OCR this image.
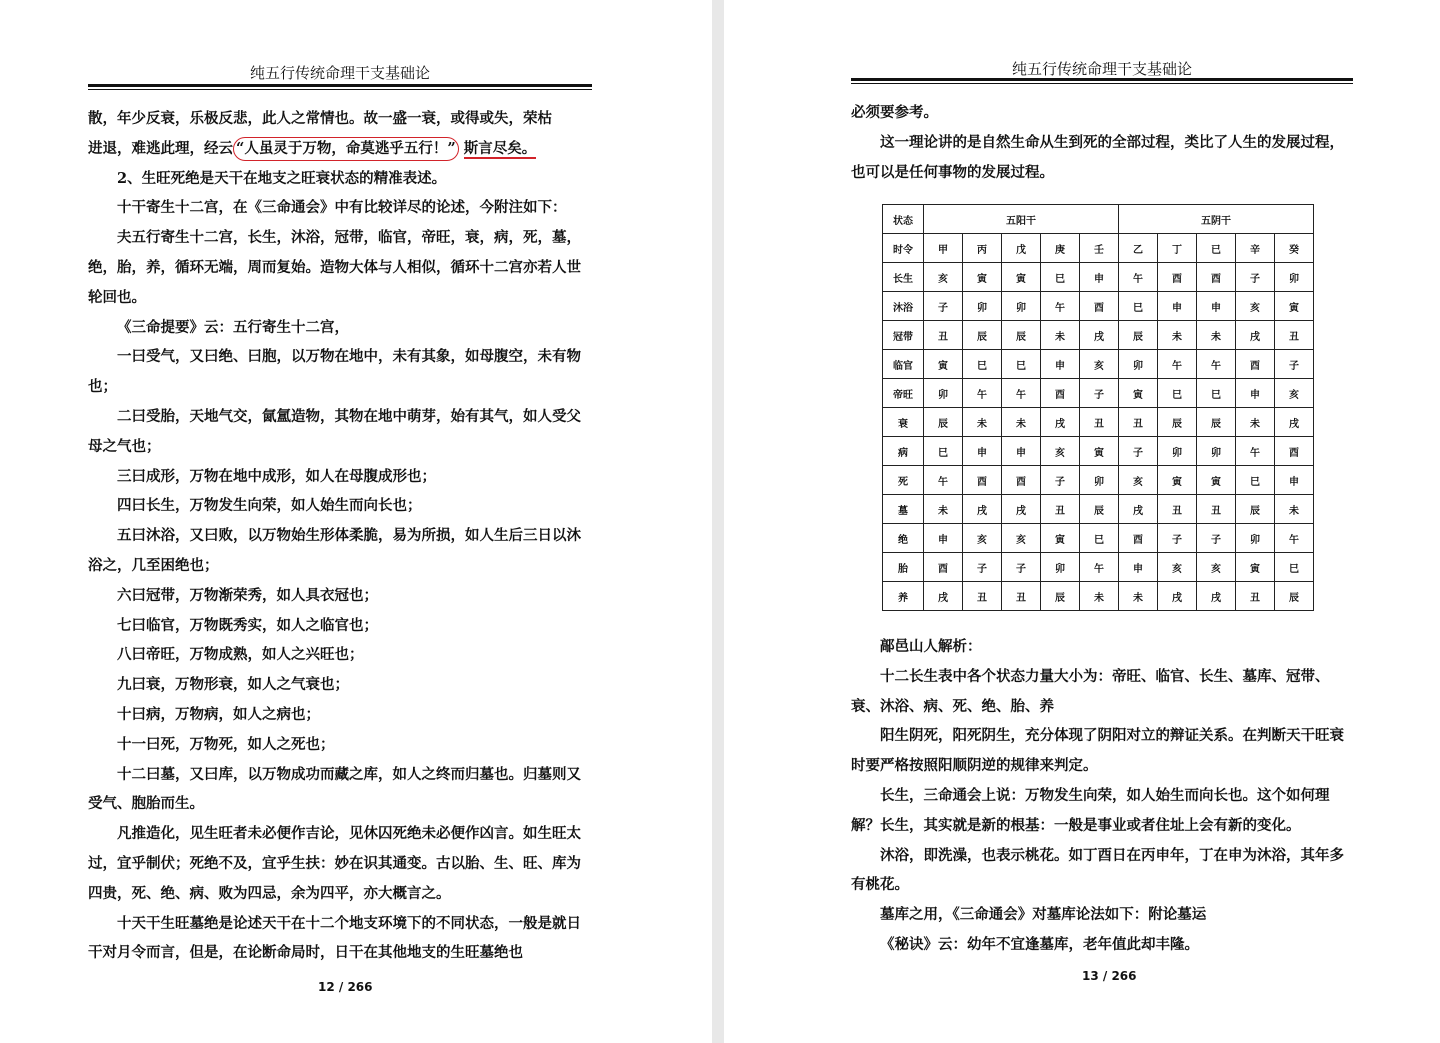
纯五行传统命理干支基础论

散，年少反衰，乐极反悲，此人之常情也。故一盛一衰，或得或失，荣枯

进退，难逃此理，经云 “人虽灵于万物，命莫逃乎五行！” 斯言尽矣。

2、生旺死绝是天干在地支之旺衰状态的精准表述。

十干寄生十二宫，在《三命通会》中有比较详尽的论述，今附注如下：

夫五行寄生十二宫，长生，沐浴，冠带，临官，帝旺，衰，病，死，墓，绝，胎，养，循环无端，周而复始。造物大体与人相似，循环十二宫亦若人世轮回也。

《三命提要》云：五行寄生十二宫，

一曰受气，又曰绝、曰胞，以万物在地中，未有其象，如母腹空，未有物也；

二曰受胎，天地气交，氤氲造物，其物在地中萌芽，始有其气，如人受父母之气也；

三曰成形，万物在地中成形，如人在母腹成形也；

四曰长生，万物发生向荣，如人始生而向长也；

五曰沐浴，又曰败，以万物始生形体柔脆，易为所损，如人生后三日以沐浴之，几至困绝也；

六曰冠带，万物渐荣秀，如人具衣冠也；

七曰临官，万物既秀实，如人之临官也；

八曰帝旺，万物成熟，如人之兴旺也；

九曰衰，万物形衰，如人之气衰也；

十曰病，万物病，如人之病也；

十一曰死，万物死，如人之死也；

十二曰墓，又曰库，以万物成功而藏之库，如人之终而归墓也。归墓则又受气、胞胎而生。

凡推造化，见生旺者未必便作吉论，见休囚死绝未必便作凶言。如生旺太过，宜乎制伏；死绝不及，宜乎生扶：妙在识其通变。古以胎、生、旺、库为四贵，死、绝、病、败为四忌，余为四平，亦大概言之。

十天干生旺墓绝是论述天干在十二个地支环境下的不同状态，一般是就日干对月令而言，但是，在论断命局时，日干在其他地支的生旺墓绝也

12 / 266
纯五行传统命理干支基础论

必须要参考。

这一理论讲的是自然生命从生到死的全部过程，类比了人生的发展过程，也可以是任何事物的发展过程。

状态	五阳干					五阴干				
时令	甲	丙	戊	庚	壬	乙	丁	已	辛	癸
长生	亥	寅	寅	巳	申	午	酉	酉	子	卯
沐浴	子	卯	卯	午	酉	巳	申	申	亥	寅
冠带	丑	辰	辰	未	戌	辰	未	未	戌	丑
临官	寅	巳	巳	申	亥	卯	午	午	酉	子
帝旺	卯	午	午	酉	子	寅	巳	巳	申	亥
衰	辰	未	未	戌	丑	丑	辰	辰	未	戌
病	巳	申	申	亥	寅	子	卯	卯	午	酉
死	午	酉	酉	子	卯	亥	寅	寅	巳	申
墓	未	戌	戌	丑	辰	戌	丑	丑	辰	未
绝	申	亥	亥	寅	巳	酉	子	子	卯	午
胎	酉	子	子	卯	午	申	亥	亥	寅	巳
养	戌	丑	丑	辰	未	未	戌	戌	丑	辰

鄗邑山人解析：

十二长生表中各个状态力量大小为：帝旺、临官、长生、墓库、冠带、衰、沐浴、病、死、绝、胎、养

阳生阴死，阳死阴生，充分体现了阴阳对立的辩证关系。在判断天干旺衰时要严格按照阳顺阴逆的规律来判定。

长生，三命通会上说：万物发生向荣，如人始生而向长也。这个如何理解？长生，其实就是新的根基：一般是事业或者住址上会有新的变化。

沐浴，即洗澡，也表示桃花。如丁酉日在丙申年，丁在申为沐浴，其年多有桃花。

墓库之用，《三命通会》对墓库论法如下：附论墓运

《秘诀》云：幼年不宜逢墓库，老年值此却丰隆。

13 / 266
